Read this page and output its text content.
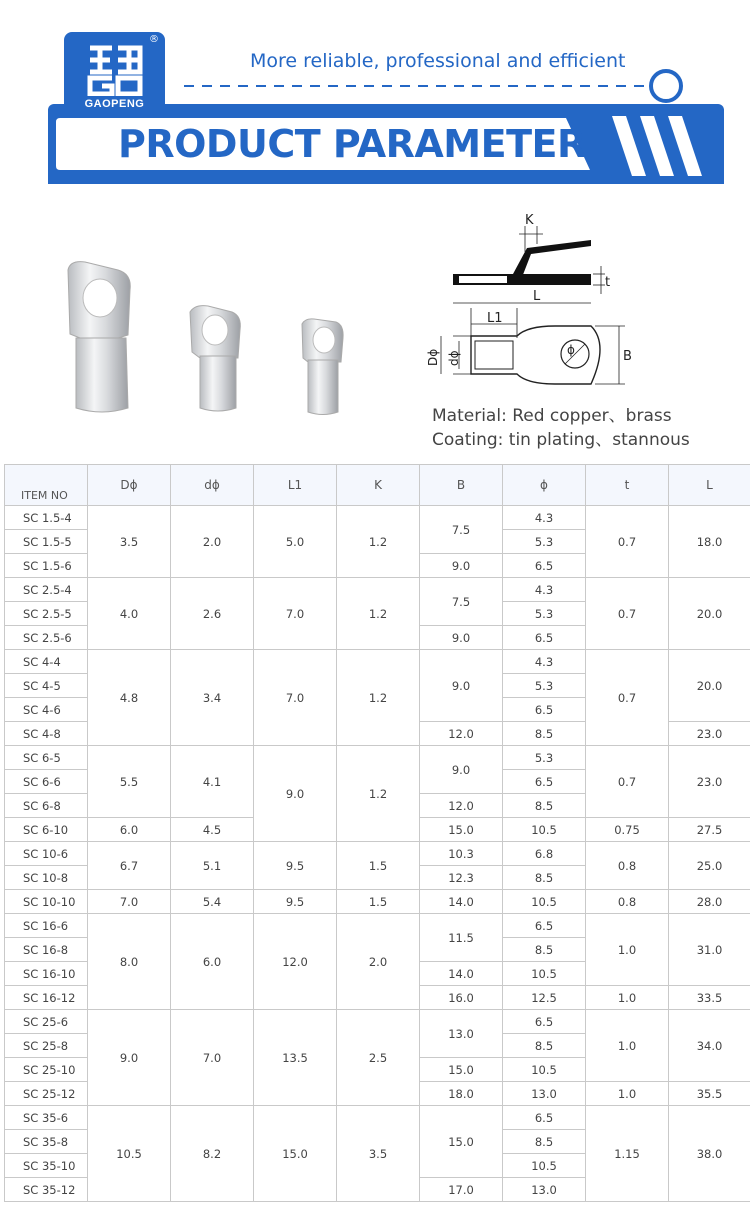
®
GAOPENG
More reliable, professional and efficient
PRODUCT PARAMETER
K
t
L
L1
ϕ
Dϕ dϕ	B
Material: Red copper、brass
Coating: tin plating、stannous
ITEM NO	Dϕ	dϕ	L1	K	B	ϕ	t	L
SC 1.5-4	3.5	2.0	5.0	1.2	7.5	4.3	0.7	18.0
SC 1.5-5						5.3		
SC 1.5-6					9.0	6.5		
SC 2.5-4	4.0	2.6	7.0	1.2	7.5	4.3	0.7	20.0
SC 2.5-5						5.3		
SC 2.5-6					9.0	6.5		
SC 4-4	4.8	3.4	7.0	1.2	9.0	4.3	0.7	20.0
SC 4-5						5.3		
SC 4-6						6.5		
SC 4-8					12.0	8.5		23.0
SC 6-5	5.5	4.1	9.0	1.2	9.0	5.3	0.7	23.0
SC 6-6						6.5		
SC 6-8					12.0	8.5		
SC 6-10	6.0	4.5			15.0	10.5	0.75	27.5
SC 10-6	6.7	5.1	9.5	1.5	10.3	6.8	0.8	25.0
SC 10-8					12.3	8.5		
SC 10-10	7.0	5.4	9.5	1.5	14.0	10.5	0.8	28.0
SC 16-6	8.0	6.0	12.0	2.0	11.5	6.5	1.0	31.0
SC 16-8						8.5		
SC 16-10					14.0	10.5		
SC 16-12					16.0	12.5	1.0	33.5
SC 25-6	9.0	7.0	13.5	2.5	13.0	6.5	1.0	34.0
SC 25-8						8.5		
SC 25-10					15.0	10.5		
SC 25-12					18.0	13.0	1.0	35.5
SC 35-6	10.5	8.2	15.0	3.5	15.0	6.5	1.15	38.0
SC 35-8						8.5		
SC 35-10						10.5		
SC 35-12					17.0	13.0		
